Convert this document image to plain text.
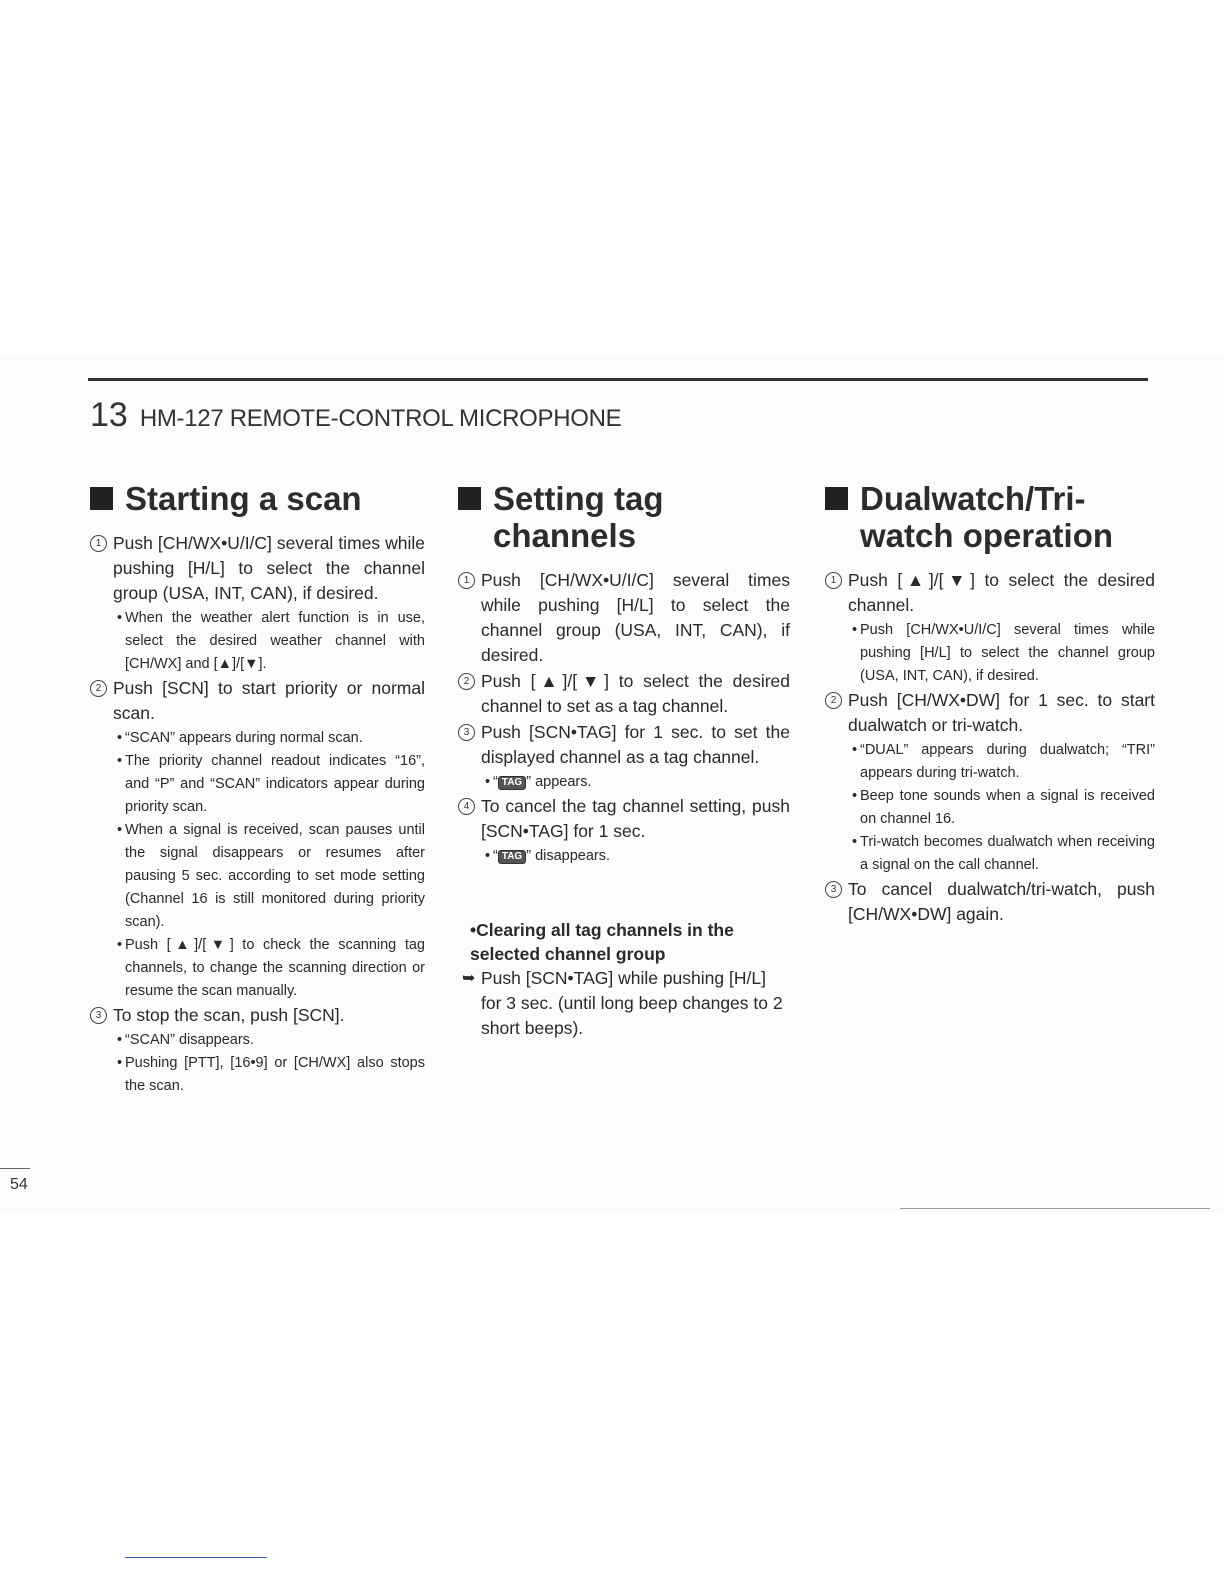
13 HM-127 REMOTE-CONTROL MICROPHONE
Starting a scan
1 Push [CH/WX•U/I/C] several times while pushing [H/L] to select the channel group (USA, INT, CAN), if desired.
• When the weather alert function is in use, select the desired weather channel with [CH/WX] and [▲]/[▼].
2 Push [SCN] to start priority or normal scan.
• “SCAN” appears during normal scan.
• The priority channel readout indicates “16”, and “P” and “SCAN” indicators appear during priority scan.
• When a signal is received, scan pauses until the signal disappears or resumes after pausing 5 sec. according to set mode setting (Channel 16 is still monitored during priority scan).
• Push [▲]/[▼] to check the scanning tag channels, to change the scanning direction or resume the scan manually.
3 To stop the scan, push [SCN].
• “SCAN” disappears.
• Pushing [PTT], [16•9] or [CH/WX] also stops the scan.
Setting tag channels
1 Push [CH/WX•U/I/C] several times while pushing [H/L] to select the channel group (USA, INT, CAN), if desired.
2 Push [▲]/[▼] to select the desired channel to set as a tag channel.
3 Push [SCN•TAG] for 1 sec. to set the displayed channel as a tag channel.
• “ TAG ” appears.
4 To cancel the tag channel setting, push [SCN•TAG] for 1 sec.
• “ TAG ” disappears.
•Clearing all tag channels in the selected channel group
➥ Push [SCN•TAG] while pushing [H/L] for 3 sec. (until long beep changes to 2 short beeps).
Dualwatch/Tri-watch operation
1 Push [▲]/[▼] to select the desired channel.
• Push [CH/WX•U/I/C] several times while pushing [H/L] to select the channel group (USA, INT, CAN), if desired.
2 Push [CH/WX•DW] for 1 sec. to start dualwatch or tri-watch.
• “DUAL” appears during dualwatch; “TRI” appears during tri-watch.
• Beep tone sounds when a signal is received on channel 16.
• Tri-watch becomes dualwatch when receiving a signal on the call channel.
3 To cancel dualwatch/tri-watch, push [CH/WX•DW] again.
54
